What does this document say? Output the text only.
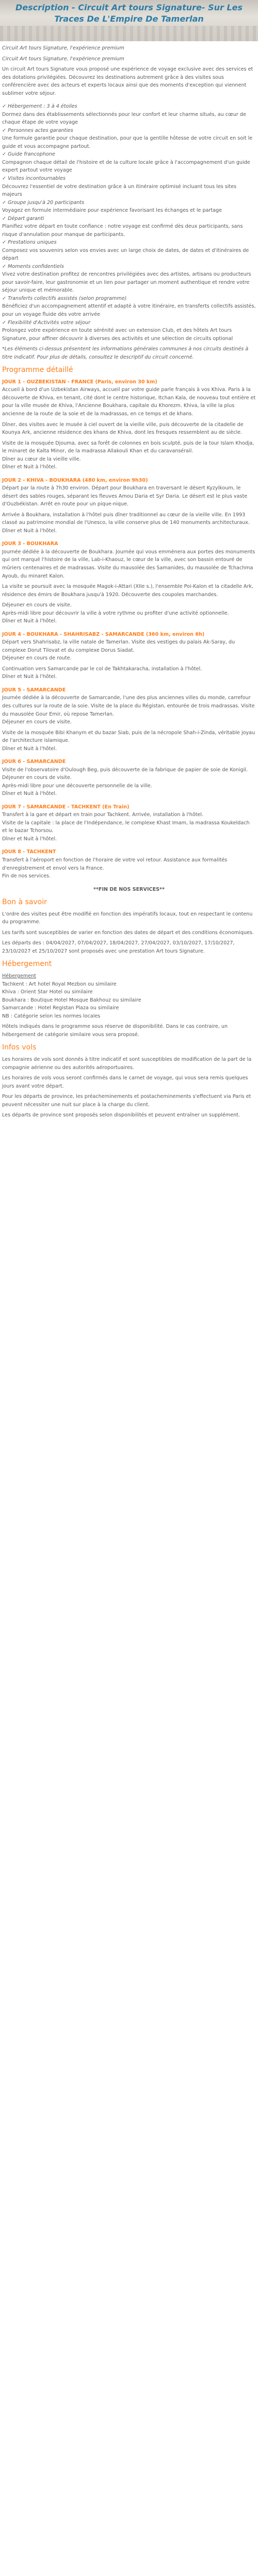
Description - Circuit Art tours Signature- Sur Les Traces De L'Empire De Tamerlan

Circuit Art tours Signature, l'expérience premium

Circuit Art tours Signature, l'expérience premium

Un circuit Art tours Signature vous proposé une expérience de voyage exclusive avec des services et des dotations privilégiées. Découvrez les destinations autrement grâce à des visites sous conférencière avec des acteurs et experts locaux ainsi que des moments d'exception qui viennent sublimer votre séjour.

✓ Hébergement : 3 à 4 étoiles

Dormez dans des établissements sélectionnés pour leur confort et leur charme situés, au cœur de chaque étape de votre voyage

✓ Personnes actes garanties

Une formule garantie pour chaque destination, pour que la gentille hôtesse de votre circuit en soit le guide et vous accompagne partout.

✓ Guide francophone

Compagnon chaque détail de l'histoire et de la culture locale grâce à l'accompagnement d'un guide expert partout votre voyage

✓ Visites incontournables

Découvrez l'essentiel de votre destination grâce à un itinéraire optimisé incluant tous les sites majeurs

✓ Groupe jusqu'à 20 participants

Voyagez en formule intermédiaire pour expérience favorisant les échanges et le partage

✓ Départ garanti

Planifiez votre départ en toute confiance : notre voyage est confirmé dès deux participants, sans risque d'annulation pour manque de participants.

✓ Prestations uniques

Composez vos souvenirs selon vos envies avec un large choix de dates, de dates et d'itinéraires de départ

✓ Moments confidentiels

Vivez votre destination profitez de rencontres privilégiées avec des artistes, artisans ou producteurs pour savoir-faire, leur gastronomie et un lien pour partager un moment authentique et rendre votre séjour unique et mémorable.

✓ Transferts collectifs assistés (selon programme)

Bénéficiez d'un accompagnement attentif et adapté à votre itinéraire, en transferts collectifs assistés, pour un voyage fluide dès votre arrivée

✓ Flexibilité d'Activités votre séjour

Prolongez votre expérience en toute sérénité avec un extension Club, et des hôtels Art tours Signature, pour affiner découvrir à diverses des activités et une sélection de circuits optional

*Les éléments ci-dessus présentent les informations générales communes à nos circuits destinés à titre indicatif. Pour plus de détails, consultez le descriptif du circuit concerné.

Programme détaillé

JOUR 1 - OUZBEKISTAN - FRANCE (Paris, environ 30 km)

Accueil à bord d'un Uzbekistan Airways, accueil par votre guide parle français à vos Khiva. Paris à la découverte de Khiva, en tenant, cité dont le centre historique, Itchan Kala, de nouveau tout entière et pour la ville musée de Khiva, l'Ancienne Boukhara, capitale du Khorezm. Khiva, la ville la plus ancienne de la route de la soie et de la madrassas, en ce temps et de khans.

Dîner, des visites avec le musée à ciel ouvert de la vieille ville, puis découverte de la citadelle de Kounya Ark, ancienne résidence des khans de Khiva, dont les fresques ressemblent au de siècle.

Visite de la mosquée Djouma, avec sa forêt de colonnes en bois sculpté, puis de la tour Islam Khodja, le minaret de Kalta Minor, de la madrassa Allakouli Khan et du caravansérail.

Dîner au cœur de la vieille ville.

Dîner et Nuit à l'hôtel.

JOUR 2 - KHIVA - BOUKHARA (480 km, environ 9h30)

Départ par la route à 7h30 environ. Départ pour Boukhara en traversant le désert Kyzylkoum, le désert des sables rouges, séparant les fleuves Amou Daria et Syr Daria. Le désert est le plus vaste d'Ouzbékistan. Arrêt en route pour un pique-nique.

Arrivée à Boukhara, installation à l'hôtel puis dîner traditionnel au cœur de la vieille ville. En 1993 classé au patrimoine mondial de l'Unesco, la ville conserve plus de 140 monuments architecturaux.

Dîner et Nuit à l'hôtel.

JOUR 3 - BOUKHARA

Journée dédiée à la découverte de Boukhara. Journée qui vous emmènera aux portes des monuments qui ont marqué l'histoire de la ville, Lab-i-Khaouz, le cœur de la ville, avec son bassin entouré de mûriers centenaires et de madrassas. Visite du mausolée des Samanides, du mausolée de Tchachma Ayoub, du minaret Kalon.

La visite se poursuit avec la mosquée Magok-i-Attari (XIIe s.), l'ensemble Poi-Kalon et la citadelle Ark, résidence des émirs de Boukhara jusqu'à 1920. Découverte des coupoles marchandes.

Déjeuner en cours de visite.

Après-midi libre pour découvrir la ville à votre rythme ou profiter d'une activité optionnelle.

Dîner et Nuit à l'hôtel.

JOUR 4 - BOUKHARA - SHAHRISABZ - SAMARCANDE (360 km, environ 6h)

Départ vers Shahrisabz, la ville natale de Tamerlan. Visite des vestiges du palais Ak-Saray, du complexe Dorut Tilovat et du complexe Dorus Siadat.

Déjeuner en cours de route.

Continuation vers Samarcande par le col de Takhtakaracha, installation à l'hôtel.

Dîner et Nuit à l'hôtel.

JOUR 5 - SAMARCANDE

Journée dédiée à la découverte de Samarcande, l'une des plus anciennes villes du monde, carrefour des cultures sur la route de la soie. Visite de la place du Régistan, entourée de trois madrassas. Visite du mausolée Gour Emir, où repose Tamerlan.

Déjeuner en cours de visite.

Visite de la mosquée Bibi Khanym et du bazar Siab, puis de la nécropole Shah-i-Zinda, véritable joyau de l'architecture islamique.

Dîner et Nuit à l'hôtel.

JOUR 6 - SAMARCANDE

Visite de l'observatoire d'Oulough Beg, puis découverte de la fabrique de papier de soie de Konigil.

Déjeuner en cours de visite.

Après-midi libre pour une découverte personnelle de la ville.

Dîner et Nuit à l'hôtel.

JOUR 7 - SAMARCANDE - TACHKENT (En Train)

Transfert à la gare et départ en train pour Tachkent. Arrivée, installation à l'hôtel.

Visite de la capitale : la place de l'Indépendance, le complexe Khast Imam, la madrassa Koukeldach et le bazar Tchorsou.

Dîner et Nuit à l'hôtel.

JOUR 8 - TACHKENT

Transfert à l'aéroport en fonction de l'horaire de votre vol retour. Assistance aux formalités d'enregistrement et envol vers la France.

Fin de nos services.

**FIN DE NOS SERVICES**

Bon à savoir

L'ordre des visites peut être modifié en fonction des impératifs locaux, tout en respectant le contenu du programme.

Les tarifs sont susceptibles de varier en fonction des dates de départ et des conditions économiques.

Les départs des : 04/04/2027, 07/04/2027, 18/04/2027, 27/04/2027, 03/10/2027, 17/10/2027, 23/10/2027 et 25/10/2027 sont proposés avec une prestation Art tours Signature.

Hébergement

Hébergement

Tachkent : Art hotel Royal Mezbon ou similaire

Khiva : Orient Star Hotel ou similaire

Boukhara : Boutique Hotel Mosque Bakhouz ou similaire

Samarcande : Hotel Registan Plaza ou similaire

NB : Catégorie selon les normes locales

Hôtels indiqués dans le programme sous réserve de disponibilité. Dans le cas contraire, un hébergement de catégorie similaire vous sera proposé.

Infos vols

Les horaires de vols sont donnés à titre indicatif et sont susceptibles de modification de la part de la compagnie aérienne ou des autorités aéroportuaires.

Les horaires de vols vous seront confirmés dans le carnet de voyage, qui vous sera remis quelques jours avant votre départ.

Pour les départs de province, les préacheminements et postacheminements s'effectuent via Paris et peuvent nécessiter une nuit sur place à la charge du client.

Les départs de province sont proposés selon disponibilités et peuvent entraîner un supplément.
